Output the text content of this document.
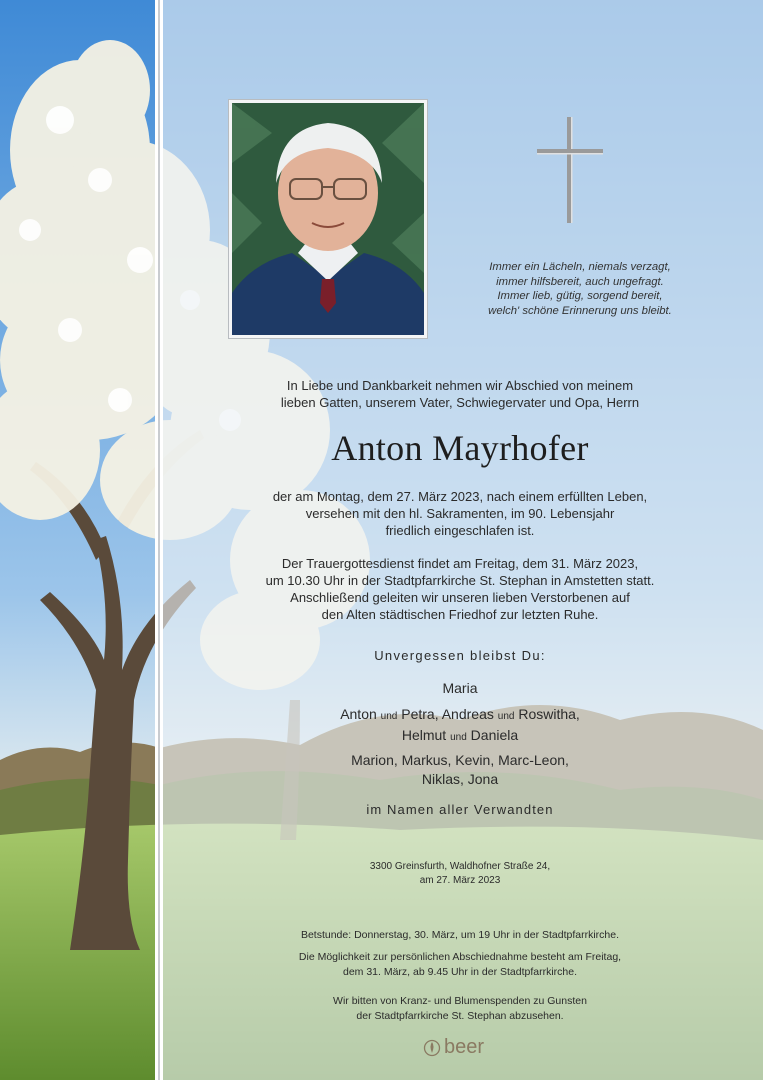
Immer ein Lächeln, niemals verzagt,
immer hilfsbereit, auch ungefragt.
Immer lieb, gütig, sorgend bereit,
welch' schöne Erinnerung uns bleibt.
In Liebe und Dankbarkeit nehmen wir Abschied von meinem
lieben Gatten, unserem Vater, Schwiegervater und Opa, Herrn
Anton Mayrhofer
der am Montag, dem 27. März 2023, nach einem erfüllten Leben,
versehen mit den hl. Sakramenten, im 90. Lebensjahr
friedlich eingeschlafen ist.
Der Trauergottesdienst findet am Freitag, dem 31. März 2023,
um 10.30 Uhr in der Stadtpfarrkirche St. Stephan in Amstetten statt.
Anschließend geleiten wir unseren lieben Verstorbenen auf
den Alten städtischen Friedhof zur letzten Ruhe.
Unvergessen bleibst Du:
Maria
Anton und Petra, Andreas und Roswitha,
Helmut und Daniela
Marion, Markus, Kevin, Marc-Leon,
Niklas, Jona
im Namen aller Verwandten
3300 Greinsfurth, Waldhofner Straße 24,
am 27. März 2023
Betstunde: Donnerstag, 30. März, um 19 Uhr in der Stadtpfarrkirche.
Die Möglichkeit zur persönlichen Abschiednahme besteht am Freitag,
dem 31. März, ab 9.45 Uhr in der Stadtpfarrkirche.
Wir bitten von Kranz- und Blumenspenden zu Gunsten
der Stadtpfarrkirche St. Stephan abzusehen.
beer
